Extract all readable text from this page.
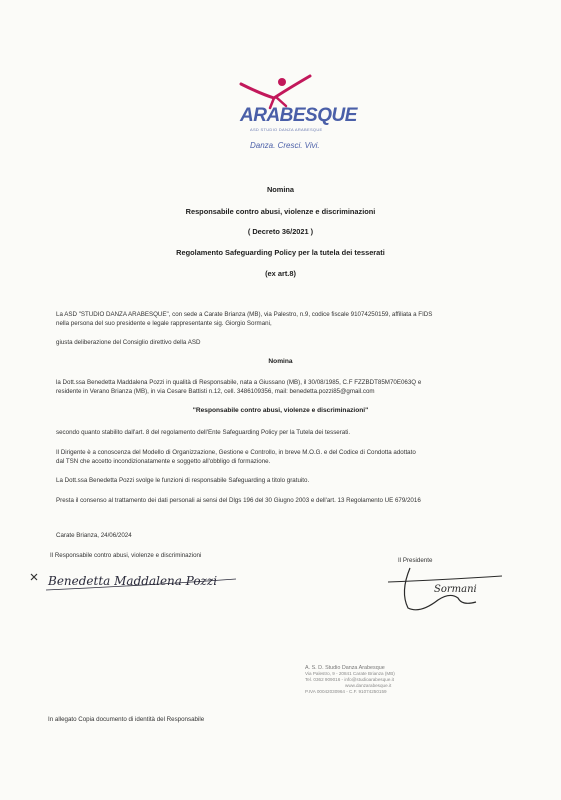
ARABESQUE
ASD STUDIO DANZA ARABESQUE
Danza. Cresci. Vivi.
Nomina
Responsabile contro abusi, violenze e discriminazioni
( Decreto 36/2021 )
Regolamento Safeguarding Policy per la tutela dei tesserati
(ex art.8)
La ASD "STUDIO DANZA ARABESQUE", con sede a Carate Brianza (MB), via Palestro, n.9, codice fiscale 91074250159, affiliata a FIDS
nella persona del suo presidente e legale rappresentante sig. Giorgio Sormani,
giusta deliberazione del Consiglio direttivo della ASD
Nomina
la Dott.ssa Benedetta Maddalena Pozzi in qualità di Responsabile, nata a Giussano (MB), il 30/08/1985, C.F FZZBDT85M70E063Q e
residente in Verano Brianza (MB), in via Cesare Battisti n.12, cell. 3486109356, mail: benedetta.pozzi85@gmail.com
"Responsabile contro abusi, violenze e discriminazioni"
secondo quanto stabilito dall'art. 8 del regolamento dell'Ente Safeguarding Policy per la Tutela dei tesserati.
Il Dirigente è a conoscenza del Modello di Organizzazione, Gestione e Controllo, in breve M.O.G. e del Codice di Condotta adottato
dal TSN che accetto incondizionatamente e soggetto all'obbligo di formazione.
La Dott.ssa Benedetta Pozzi svolge le funzioni di responsabile Safeguarding a titolo gratuito.
Presta il consenso al trattamento dei dati personali ai sensi del Dlgs 196 del 30 Giugno 2003 e dell'art. 13 Regolamento UE 679/2016
Carate Brianza, 24/06/2024
Il Responsabile contro abusi, violenze e discriminazioni
Benedetta Maddalena Pozzi
Il Presidente
Sormani
A. S. D. Studio Danza Arabesque
Via Palestro, 9 - 20841 Carate Brianza (MB)
Tel. 0362 909016 - info@studioarabesque.it
www.danzarabesque.it
P.IVA 00042030964 - C.F. 91074250159
In allegato Copia documento di identità del Responsabile
